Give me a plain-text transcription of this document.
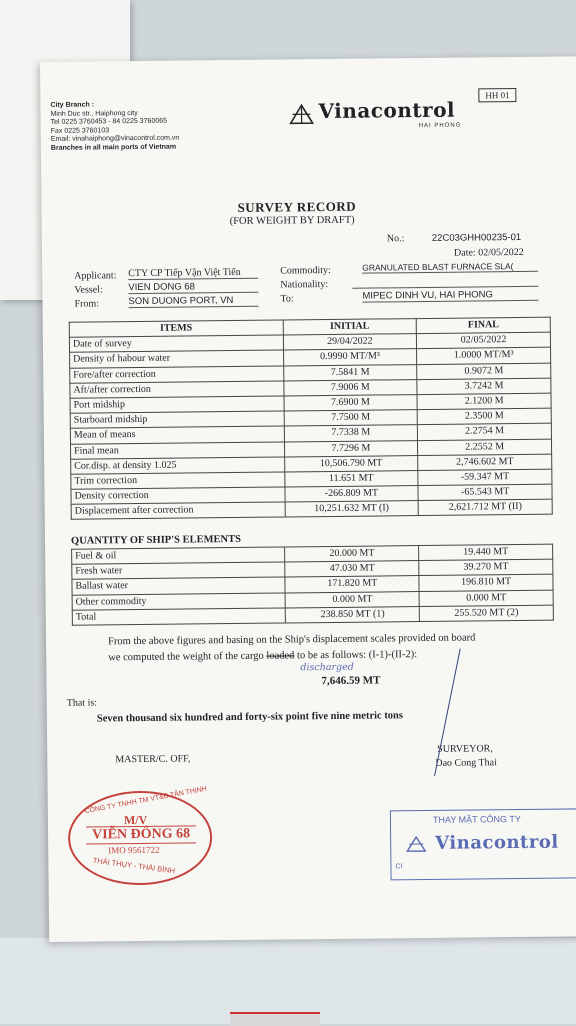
City Branch :
Minh Duc str., Haiphong city
Tel 0225 3760453 - 84 0225 3760065
Fax 0225 3760103
Email: vinahaiphong@vinacontrol.com.vn
Branches in all main ports of Vietnam
Vinacontrol
HAI PHONG
HH 01
SURVEY RECORD
(FOR WEIGHT BY DRAFT)
No.:	22C03GHH00235-01
Date: 02/05/2022
Applicant: CTY CP Tiếp Vận Việt Tiến
Vessel:	VIEN DONG 68
From:	SON DUONG PORT, VN
Commodity:	GRANULATED BLAST FURNACE SLA(
Nationality:
To:	MIPEC DINH VU, HAI PHONG
ITEMS	INITIAL	FINAL
Date of survey	29/04/2022	02/05/2022
Density of habour water	0.9990 MT/M³	1.0000 MT/M³
Fore/after correction	7.5841 M	0.9072 M
Aft/after correction	7.9006 M	3.7242 M
Port midship	7.6900 M	2.1200 M
Starboard midship	7.7500 M	2.3500 M
Mean of means	7.7338 M	2.2754 M
Final mean	7.7296 M	2.2552 M
Cor.disp. at density 1.025	10,506.790 MT	2,746.602 MT
Trim correction	11.651 MT	-59.347 MT
Density correction	-266.809 MT	-65.543 MT
Displacement after correction	10,251.632 MT (I)	2,621.712 MT (II)
QUANTITY OF SHIP'S ELEMENTS
Fuel & oil	20.000 MT	19.440 MT
Fresh water	47.030 MT	39.270 MT
Ballast water	171.820 MT	196.810 MT
Other commodity	0.000 MT	0.000 MT
Total	238.850 MT (1)	255.520 MT (2)
From the above figures and basing on the Ship's displacement scales provided on board
we computed the weight of the cargo loaded to be as follows: (I-1)-(II-2):
discharged
7,646.59 MT
That is:
Seven thousand six hundred and forty-six point five nine metric tons
MASTER/C. OFF,
SURVEYOR,
Dao Cong Thai
CÔNG TY TNHH TM VT&B TÂN THỊNH
M/V
VIỄN ĐÔNG 68
IMO 9561722
THÁI THỤY - THÁI BÌNH
THAY MẶT CÔNG TY
Vinacontrol
CI
